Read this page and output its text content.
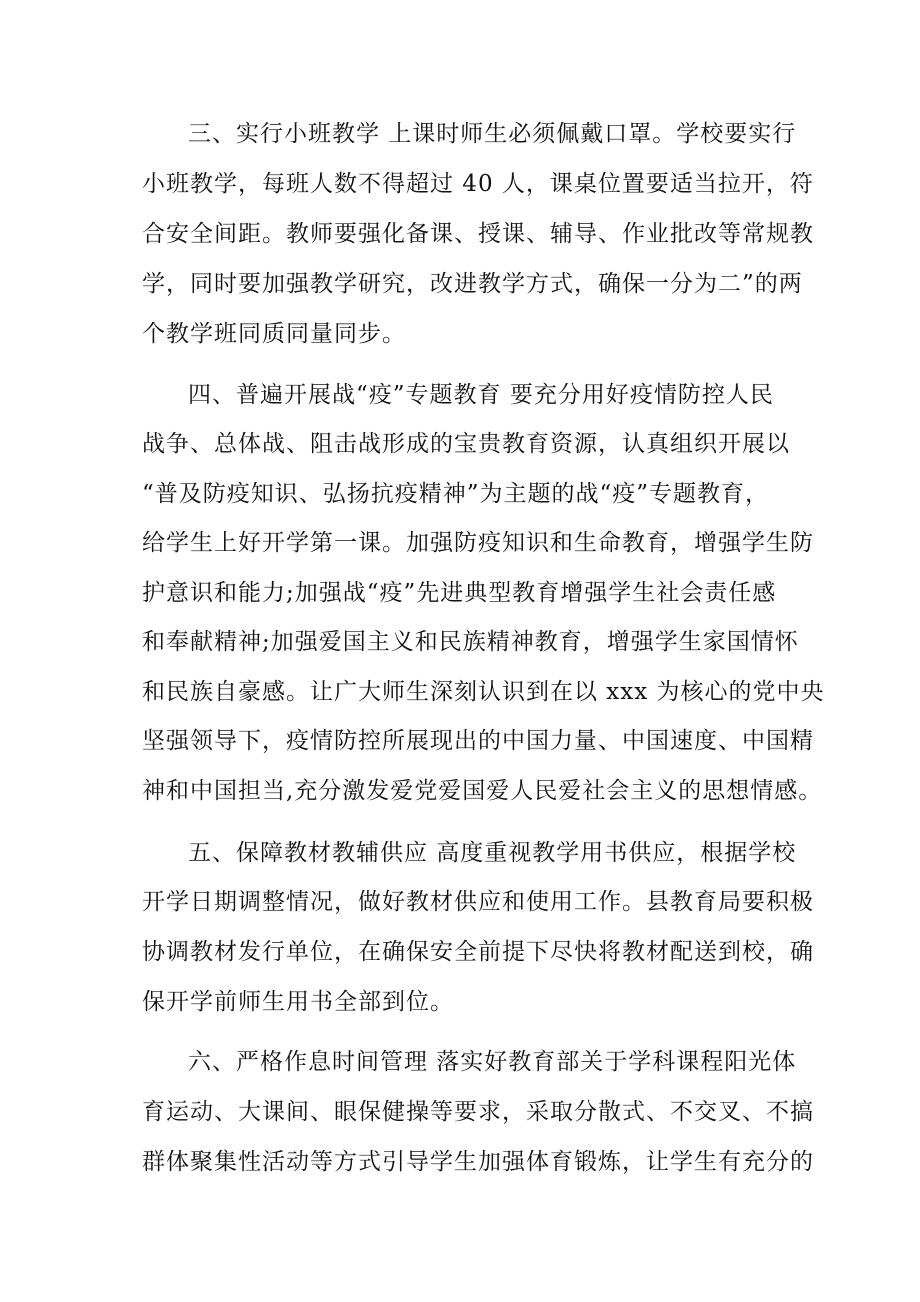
三、实行小班教学 上课时师生必须佩戴口罩。学校要实行
小班教学，每班人数不得超过 40 人，课桌位置要适当拉开，符
合安全间距。教师要强化备课、授课、辅导、作业批改等常规教
学，同时要加强教学研究，改进教学方式，确保一分为二”的两
个教学班同质同量同步。
四、普遍开展战“疫”专题教育 要充分用好疫情防控人民
战争、总体战、阻击战形成的宝贵教育资源，认真组织开展以
“普及防疫知识、弘扬抗疫精神”为主题的战“疫”专题教育，
给学生上好开学第一课。加强防疫知识和生命教育，增强学生防
护意识和能力;加强战“疫”先进典型教育增强学生社会责任感
和奉献精神;加强爱国主义和民族精神教育，增强学生家国情怀
和民族自豪感。让广大师生深刻认识到在以 xxx 为核心的党中央
坚强领导下，疫情防控所展现出的中国力量、中国速度、中国精
神和中国担当,充分激发爱党爱国爱人民爱社会主义的思想情感。
五、保障教材教辅供应 高度重视教学用书供应，根据学校
开学日期调整情况，做好教材供应和使用工作。县教育局要积极
协调教材发行单位，在确保安全前提下尽快将教材配送到校，确
保开学前师生用书全部到位。
六、严格作息时间管理 落实好教育部关于学科课程阳光体
育运动、大课间、眼保健操等要求，采取分散式、不交叉、不搞
群体聚集性活动等方式引导学生加强体育锻炼，让学生有充分的
